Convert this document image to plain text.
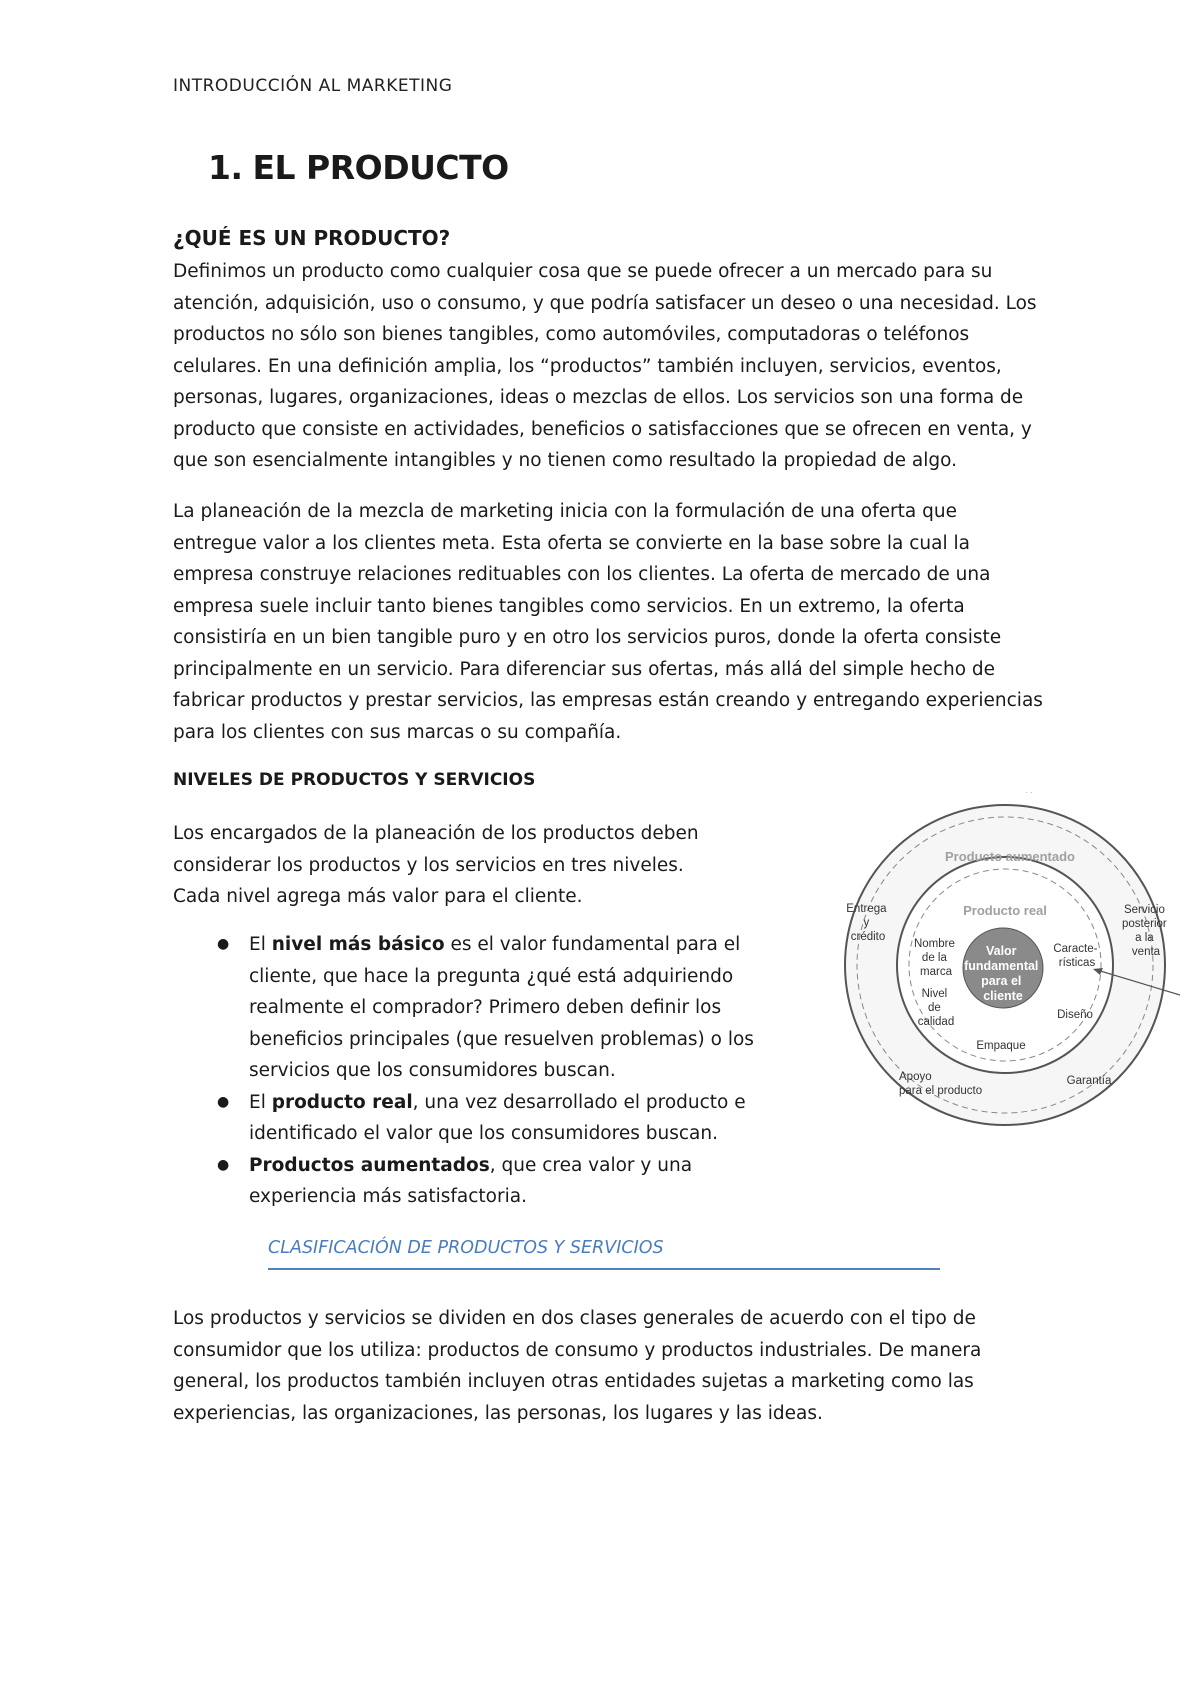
INTRODUCCIÓN AL MARKETING
1. EL PRODUCTO
¿QUÉ ES UN PRODUCTO?

Definimos un producto como cualquier cosa que se puede ofrecer a un mercado para su atención, adquisición, uso o consumo, y que podría satisfacer un deseo o una necesidad. Los productos no sólo son bienes tangibles, como automóviles, computadoras o teléfonos celulares. En una definición amplia, los “productos” también incluyen, servicios, eventos, personas, lugares, organizaciones, ideas o mezclas de ellos. Los servicios son una forma de producto que consiste en actividades, beneficios o satisfacciones que se ofrecen en venta, y que son esencialmente intangibles y no tienen como resultado la propiedad de algo.

La planeación de la mezcla de marketing inicia con la formulación de una oferta que entregue valor a los clientes meta. Esta oferta se convierte en la base sobre la cual la empresa construye relaciones redituables con los clientes. La oferta de mercado de una empresa suele incluir tanto bienes tangibles como servicios. En un extremo, la oferta consistiría en un bien tangible puro y en otro los servicios puros, donde la oferta consiste principalmente en un servicio. Para diferenciar sus ofertas, más allá del simple hecho de fabricar productos y prestar servicios, las empresas están creando y entregando experiencias para los clientes con sus marcas o su compañía.

NIVELES DE PRODUCTOS Y SERVICIOS

Los encargados de la planeación de los productos deben considerar los productos y los servicios en tres niveles. Cada nivel agrega más valor para el cliente.

● El nivel más básico es el valor fundamental para el cliente, que hace la pregunta ¿qué está adquiriendo realmente el comprador? Primero deben definir los beneficios principales (que resuelven problemas) o los servicios que los consumidores buscan.
● El producto real, una vez desarrollado el producto e identificado el valor que los consumidores buscan.
● Productos aumentados, que crea valor y una experiencia más satisfactoria.
Producto aumentado
Producto real
Valor fundamental para el cliente
Nombre de la marca
Caracte- rísticas
Nivel de calidad
Diseño
Empaque
Entrega y crédito
Servicio posterior a la venta
Apoyo para el producto
Garantía
· ·
CLASIFICACIÓN DE PRODUCTOS Y SERVICIOS

Los productos y servicios se dividen en dos clases generales de acuerdo con el tipo de consumidor que los utiliza: productos de consumo y productos industriales. De manera general, los productos también incluyen otras entidades sujetas a marketing como las experiencias, las organizaciones, las personas, los lugares y las ideas.
